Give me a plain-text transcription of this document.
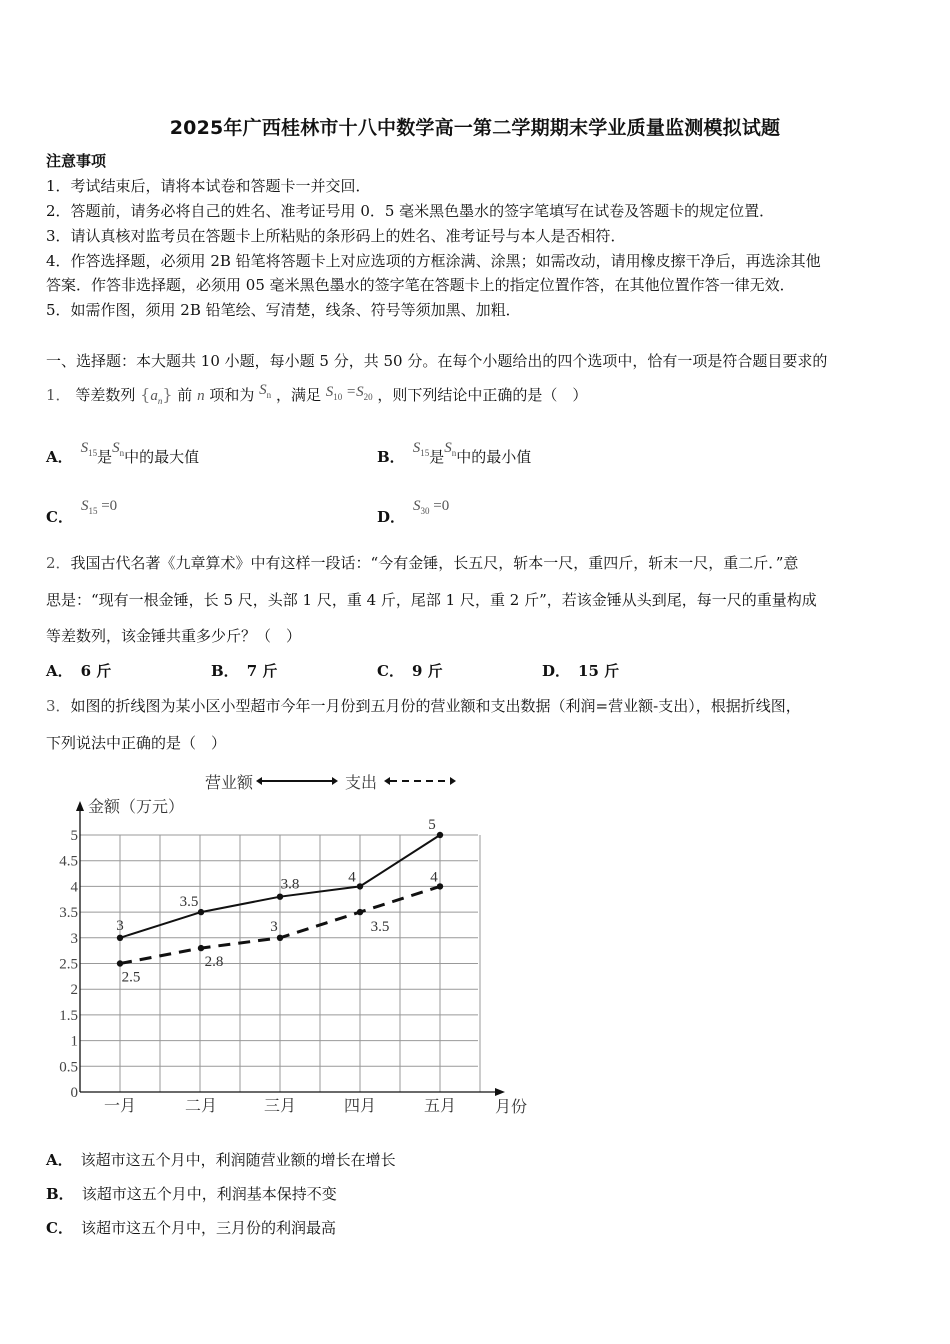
2025年广西桂林市十八中数学高一第二学期期末学业质量监测模拟试题
注意事项
1．考试结束后，请将本试卷和答题卡一并交回．
2．答题前，请务必将自己的姓名、准考证号用 0．5 毫米黑色墨水的签字笔填写在试卷及答题卡的规定位置．
3．请认真核对监考员在答题卡上所粘贴的条形码上的姓名、准考证号与本人是否相符．
4．作答选择题，必须用 2B 铅笔将答题卡上对应选项的方框涂满、涂黑；如需改动，请用橡皮擦干净后，再选涂其他
答案．作答非选择题，必须用 05 毫米黑色墨水的签字笔在答题卡上的指定位置作答，在其他位置作答一律无效．
5．如需作图，须用 2B 铅笔绘、写清楚，线条、符号等须加黑、加粗．
一、选择题：本大题共 10 小题，每小题 5 分，共 50 分。在每个小题给出的四个选项中，恰有一项是符合题目要求的
1． 等差数列 $\{a_n\}$ 前 n 项和为 $S_n$ ，满足 $S_{10} =S_{20}$ ，则下列结论中正确的是（　）
A． $S_{15}$是$S_n$中的最大值	B． $S_{15}$是$S_n$中的最小值
C．$S_{15} =0$
D．$S_{30} =0$
2．我国古代名著《九章算术》中有这样一段话：“今有金锤，长五尺，斩本一尺，重四斤，斩末一尺，重二斤．”意
思是：“现有一根金锤，长 5 尺，头部 1 尺，重 4 斤，尾部 1 尺，重 2 斤”，若该金锤从头到尾，每一尺的重量构成
等差数列，该金锤共重多少斤？（　）
A． 6 斤	B． 7 斤	C． 9 斤	D． 15 斤
3．如图的折线图为某小区小型超市今年一月份到五月份的营业额和支出数据（利润=营业额-支出），根据折线图，
下列说法中正确的是（　）
营业额	支出
金额（万元）
月份
0
0.5
1
1.5
2
2.5
3
3.5
4
4.5
5
一月	二月	三月	四月	五月
3
3.5
3.8	4
5
2.5
2.8
3	3.5
4
A． 该超市这五个月中，利润随营业额的增长在增长
B． 该超市这五个月中，利润基本保持不变
C． 该超市这五个月中，三月份的利润最高
